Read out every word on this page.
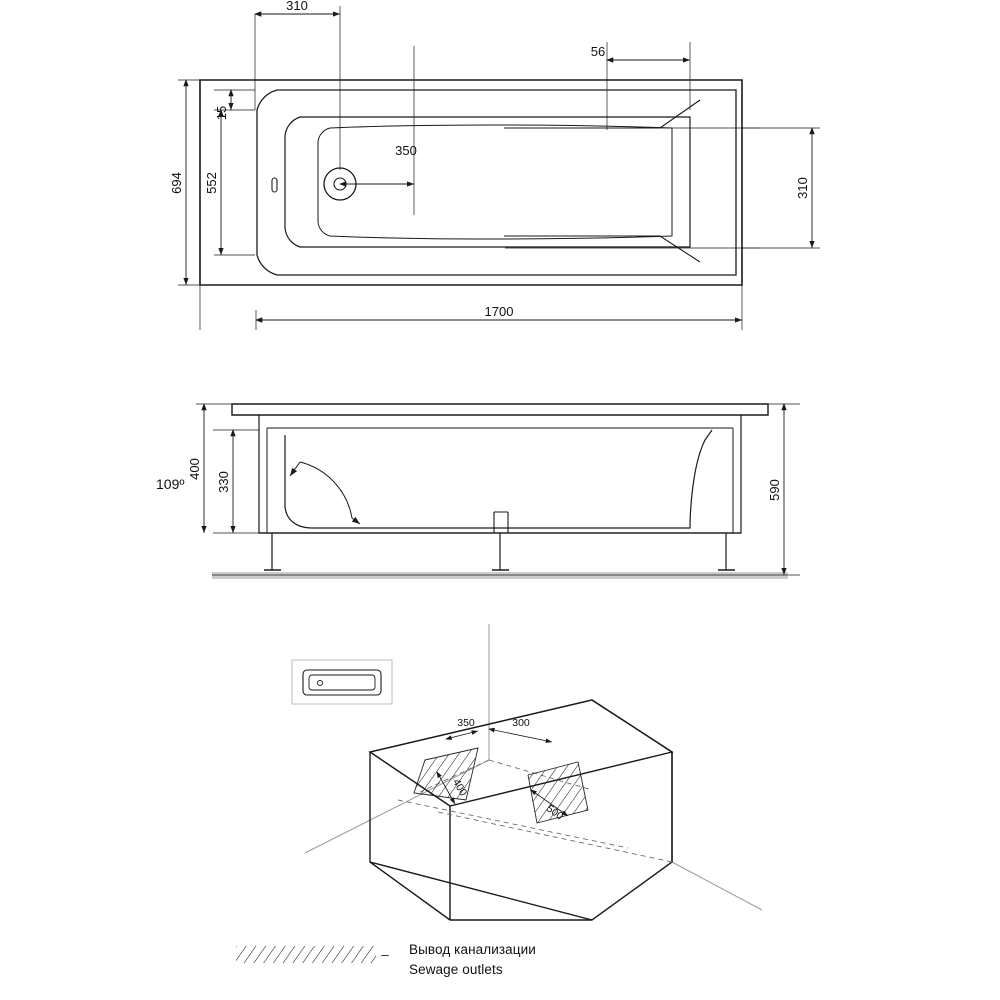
310
56
15
350
694 552	310
1700
109º
400
330	590
350	300
400
500
– Вывод канализации
Sewage outlets
